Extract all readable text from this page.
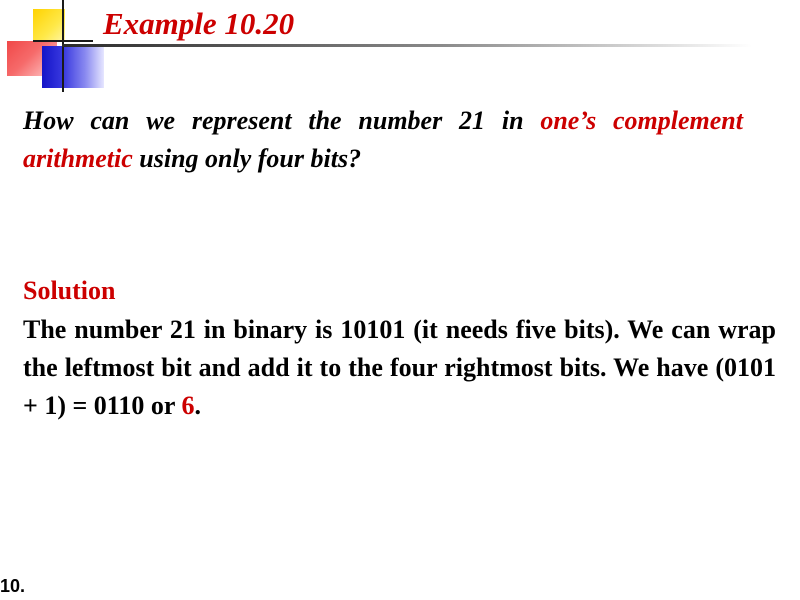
Example 10.20

How can we represent the number 21 in one’s complement arithmetic using only four bits?

Solution

The number 21 in binary is 10101 (it needs five bits). We can wrap the leftmost bit and add it to the four rightmost bits. We have (0101 + 1) = 0110 or 6.

10.
